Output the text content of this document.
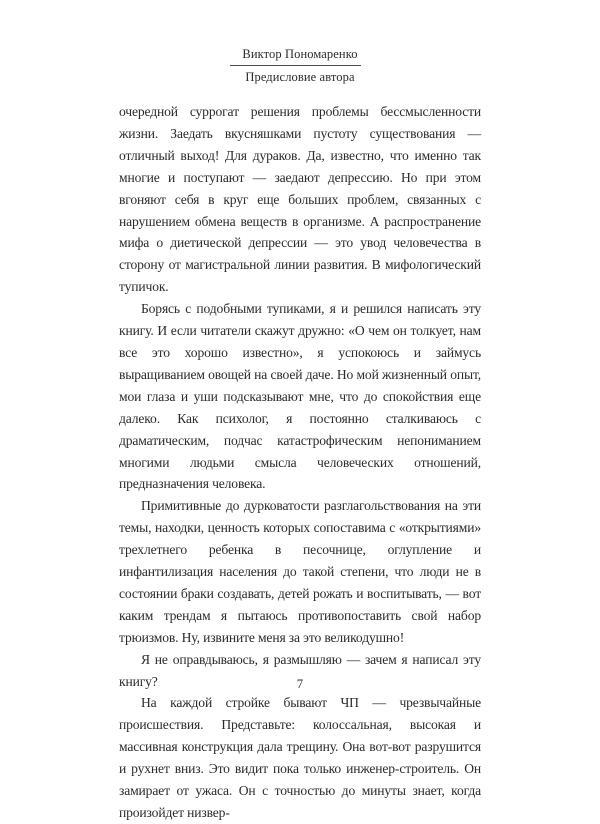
Виктор Пономаренко
Предисловие автора

очередной суррогат решения проблемы бессмысленности жизни. Заедать вкусняшками пустоту существования — отличный выход! Для дураков. Да, известно, что именно так многие и поступают — заедают депрессию. Но при этом вгоняют себя в круг еще больших проблем, связанных с нарушением обмена веществ в организме. А распространение мифа о диетической депрессии — это увод человечества в сторону от магистральной линии развития. В мифологический тупичок.

Борясь с подобными тупиками, я и решился написать эту книгу. И если читатели скажут дружно: «О чем он толкует, нам все это хорошо известно», я успокоюсь и займусь выращиванием овощей на своей даче. Но мой жизненный опыт, мои глаза и уши подсказывают мне, что до спокойствия еще далеко. Как психолог, я постоянно сталкиваюсь с драматическим, подчас катастрофическим непониманием многими людьми смысла человеческих отношений, предназначения человека.

Примитивные до дурковатости разглагольствования на эти темы, находки, ценность которых сопоставима с «открытиями» трехлетнего ребенка в песочнице, оглупление и инфантилизация населения до такой степени, что люди не в состоянии браки создавать, детей рожать и воспитывать, — вот каким трендам я пытаюсь противопоставить свой набор трюизмов. Ну, извините меня за это великодушно!

Я не оправдываюсь, я размышляю — зачем я написал эту книгу?

На каждой стройке бывают ЧП — чрезвычайные происшествия. Представьте: колоссальная, высокая и массивная конструкция дала трещину. Она вот-вот разрушится и рухнет вниз. Это видит пока только инженер-строитель. Он замирает от ужаса. Он с точностью до минуты знает, когда произойдет низвер-

7
